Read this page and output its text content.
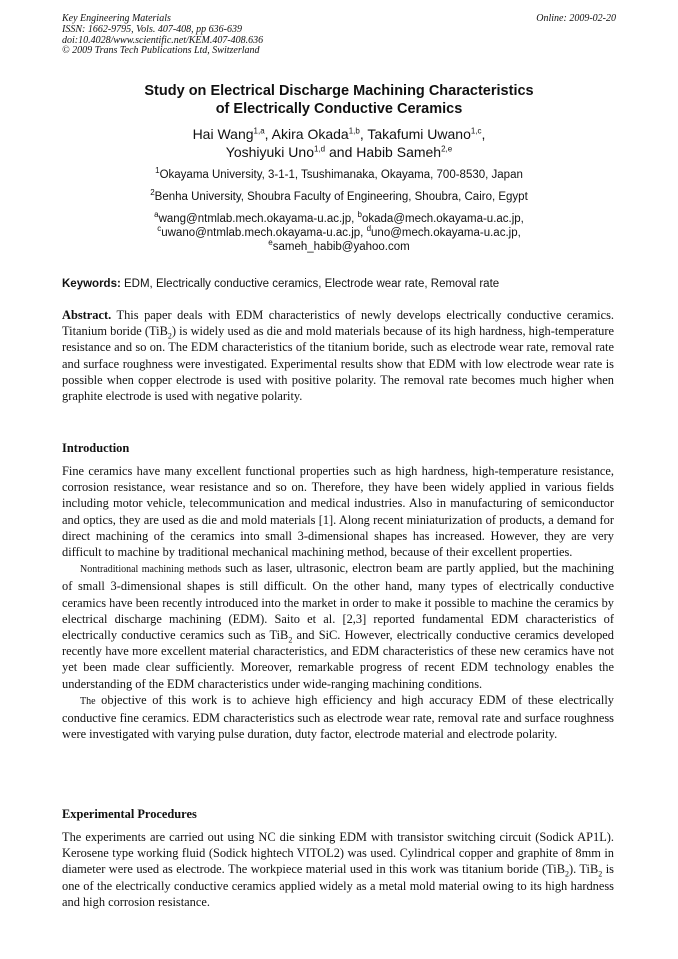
Key Engineering Materials
ISSN: 1662-9795, Vols. 407-408, pp 636-639
doi:10.4028/www.scientific.net/KEM.407-408.636
© 2009 Trans Tech Publications Ltd, Switzerland
Online: 2009-02-20
Study on Electrical Discharge Machining Characteristics
of Electrically Conductive Ceramics
Hai Wang$^{1,a}$, Akira Okada$^{1,b}$, Takafumi Uwano$^{1,c}$,
Yoshiyuki Uno$^{1,d}$ and Habib Sameh$^{2,e}$
$^1$Okayama University, 3-1-1, Tsushimanaka, Okayama, 700-8530, Japan
$^2$Benha University, Shoubra Faculty of Engineering, Shoubra, Cairo, Egypt
$^a$wang@ntmlab.mech.okayama-u.ac.jp, $^b$okada@mech.okayama-u.ac.jp,
$^c$uwano@ntmlab.mech.okayama-u.ac.jp, $^d$uno@mech.okayama-u.ac.jp,
$^e$sameh_habib@yahoo.com
Keywords: EDM, Electrically conductive ceramics, Electrode wear rate, Removal rate

Abstract. This paper deals with EDM characteristics of newly develops electrically conductive ceramics. Titanium boride (TiB$_2$) is widely used as die and mold materials because of its high hardness, high-temperature resistance and so on. The EDM characteristics of the titanium boride, such as electrode wear rate, removal rate and surface roughness were investigated. Experimental results show that EDM with low electrode wear rate is possible when copper electrode is used with positive polarity. The removal rate becomes much higher when graphite electrode is used with negative polarity.

Introduction

Fine ceramics have many excellent functional properties such as high hardness, high-temperature resistance, corrosion resistance, wear resistance and so on. Therefore, they have been widely applied in various fields including motor vehicle, telecommunication and medical industries. Also in manufacturing of semiconductor and optics, they are used as die and mold materials [1]. Along recent miniaturization of products, a demand for direct machining of the ceramics into small 3-dimensional shapes has increased. However, they are very difficult to machine by traditional mechanical machining method, because of their excellent properties.

Nontraditional machining methods such as laser, ultrasonic, electron beam are partly applied, but the machining of small 3-dimensional shapes is still difficult. On the other hand, many types of electrically conductive ceramics have been recently introduced into the market in order to make it possible to machine the ceramics by electrical discharge machining (EDM). Saito et al. [2,3] reported fundamental EDM characteristics of electrically conductive ceramics such as TiB$_2$ and SiC. However, electrically conductive ceramics developed recently have more excellent material characteristics, and EDM characteristics of these new ceramics have not yet been made clear sufficiently. Moreover, remarkable progress of recent EDM technology enables the understanding of the EDM characteristics under wide-ranging machining conditions.

The objective of this work is to achieve high efficiency and high accuracy EDM of these electrically conductive fine ceramics. EDM characteristics such as electrode wear rate, removal rate and surface roughness were investigated with varying pulse duration, duty factor, electrode material and electrode polarity.

Experimental Procedures

The experiments are carried out using NC die sinking EDM with transistor switching circuit (Sodick AP1L). Kerosene type working fluid (Sodick hightech VITOL2) was used. Cylindrical copper and graphite of 8mm in diameter were used as electrode. The workpiece material used in this work was titanium boride (TiB$_2$). TiB$_2$ is one of the electrically conductive ceramics applied widely as a metal mold material owing to its high hardness and high corrosion resistance.
